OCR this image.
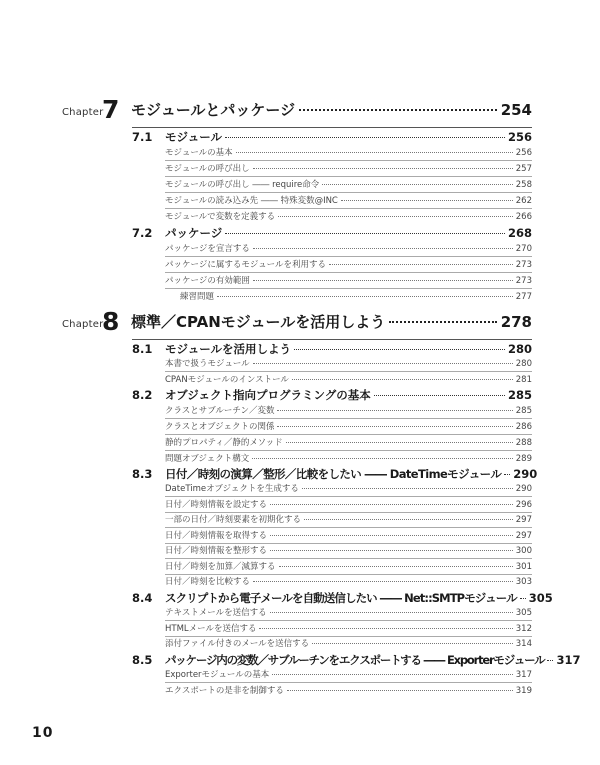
Chapter
7 モジュールとパッケージ	254
7.1	モジュール	256
モジュールの基本	256
モジュールの呼び出し	257
モジュールの呼び出し ―― require命令	258
モジュールの読み込み先 ―― 特殊変数@INC	262
モジュールで変数を定義する	266
7.2	パッケージ	268
パッケージを宣言する	270
パッケージに属するモジュールを利用する	273
パッケージの有効範囲	273
練習問題	277
Chapter
8 標準／CPANモジュールを活用しよう	278
8.1	モジュールを活用しよう	280
本書で扱うモジュール	280
CPANモジュールのインストール	281
8.2	オブジェクト指向プログラミングの基本	285
クラスとサブルーチン／変数	285
クラスとオブジェクトの関係	286
静的プロパティ／静的メソッド	288
問題オブジェクト構文	289
8.3	日付／時刻の演算／整形／比較をしたい ―― DateTimeモジュール 290
DateTimeオブジェクトを生成する	290
日付／時刻情報を設定する	296
一部の日付／時刻要素を初期化する	297
日付／時刻情報を取得する	297
日付／時刻情報を整形する	300
日付／時刻を加算／減算する	301
日付／時刻を比較する	303
8.4	スクリプトから電子メールを自動送信したい ―― Net::SMTPモジュール 305
テキストメールを送信する	305
HTMLメールを送信する	312
添付ファイル付きのメールを送信する	314
8.5	パッケージ内の変数／サブルーチンをエクスポートする ―― Exporterモジュール 317
Exporterモジュールの基本	317
エクスポートの是非を制御する	319
10
